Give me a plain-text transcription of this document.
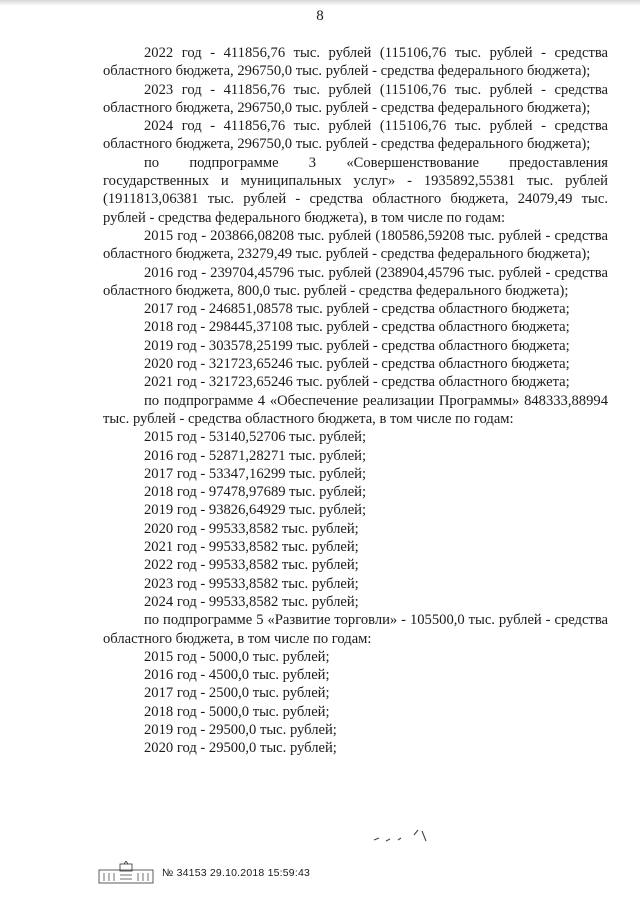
8

2022 год - 411856,76 тыс. рублей (115106,76 тыс. рублей - средства областного бюджета, 296750,0 тыс. рублей - средства федерального бюджета);

2023 год - 411856,76 тыс. рублей (115106,76 тыс. рублей - средства областного бюджета, 296750,0 тыс. рублей - средства федерального бюджета);

2024 год - 411856,76 тыс. рублей (115106,76 тыс. рублей - средства областного бюджета, 296750,0 тыс. рублей - средства федерального бюджета);

по подпрограмме 3 «Совершенствование предоставления государственных и муниципальных услуг» - 1935892,55381 тыс. рублей (1911813,06381 тыс. рублей - средства областного бюджета, 24079,49 тыс. рублей - средства федерального бюджета), в том числе по годам:

2015 год - 203866,08208 тыс. рублей (180586,59208 тыс. рублей - средства областного бюджета, 23279,49 тыс. рублей - средства федерального бюджета);

2016 год - 239704,45796 тыс. рублей (238904,45796 тыс. рублей - средства областного бюджета, 800,0 тыс. рублей - средства федерального бюджета);

2017 год - 246851,08578 тыс. рублей - средства областного бюджета;

2018 год - 298445,37108 тыс. рублей - средства областного бюджета;

2019 год - 303578,25199 тыс. рублей - средства областного бюджета;

2020 год - 321723,65246 тыс. рублей - средства областного бюджета;

2021 год - 321723,65246 тыс. рублей - средства областного бюджета;

по подпрограмме 4 «Обеспечение реализации Программы» 848333,88994 тыс. рублей - средства областного бюджета, в том числе по годам:

2015 год - 53140,52706 тыс. рублей;

2016 год - 52871,28271 тыс. рублей;

2017 год - 53347,16299 тыс. рублей;

2018 год - 97478,97689 тыс. рублей;

2019 год - 93826,64929 тыс. рублей;

2020 год - 99533,8582 тыс. рублей;

2021 год - 99533,8582 тыс. рублей;

2022 год - 99533,8582 тыс. рублей;

2023 год - 99533,8582 тыс. рублей;

2024 год - 99533,8582 тыс. рублей;

по подпрограмме 5 «Развитие торговли» - 105500,0 тыс. рублей - средства областного бюджета, в том числе по годам:

2015 год - 5000,0 тыс. рублей;

2016 год - 4500,0 тыс. рублей;

2017 год - 2500,0 тыс. рублей;

2018 год - 5000,0 тыс. рублей;

2019 год - 29500,0 тыс. рублей;

2020 год - 29500,0 тыс. рублей;

№ 34153 29.10.2018 15:59:43
